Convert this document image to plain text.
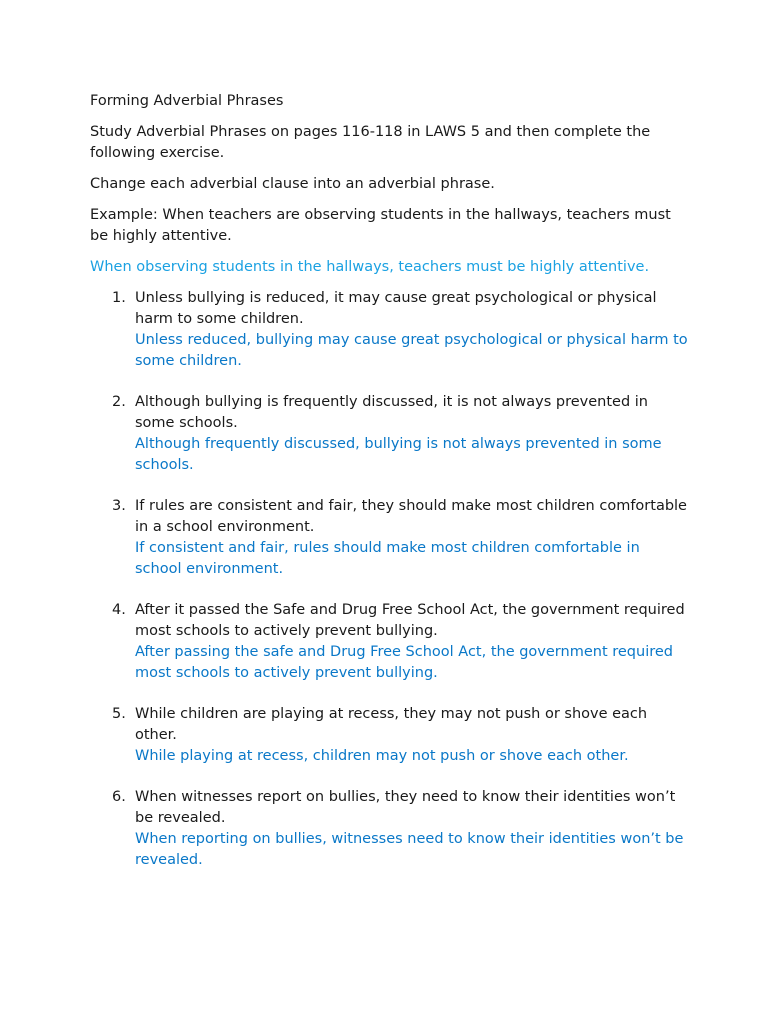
Forming Adverbial Phrases

Study Adverbial Phrases on pages 116-118 in LAWS 5 and then complete the following exercise.

Change each adverbial clause into an adverbial phrase.

Example: When teachers are observing students in the hallways, teachers must be highly attentive.

When observing students in the hallways, teachers must be highly attentive.

1. Unless bullying is reduced, it may cause great psychological or physical harm to some children.
Unless reduced, bullying may cause great psychological or physical harm to some children.
2. Although bullying is frequently discussed, it is not always prevented in some schools.
Although frequently discussed, bullying is not always prevented in some schools.
3. If rules are consistent and fair, they should make most children comfortable in a school environment.
If consistent and fair, rules should make most children comfortable in school environment.
4. After it passed the Safe and Drug Free School Act, the government required most schools to actively prevent bullying.
After passing the safe and Drug Free School Act, the government required most schools to actively prevent bullying.
5. While children are playing at recess, they may not push or shove each other.
While playing at recess, children may not push or shove each other.
6. When witnesses report on bullies, they need to know their identities won’t be revealed.
When reporting on bullies, witnesses need to know their identities won’t be revealed.
